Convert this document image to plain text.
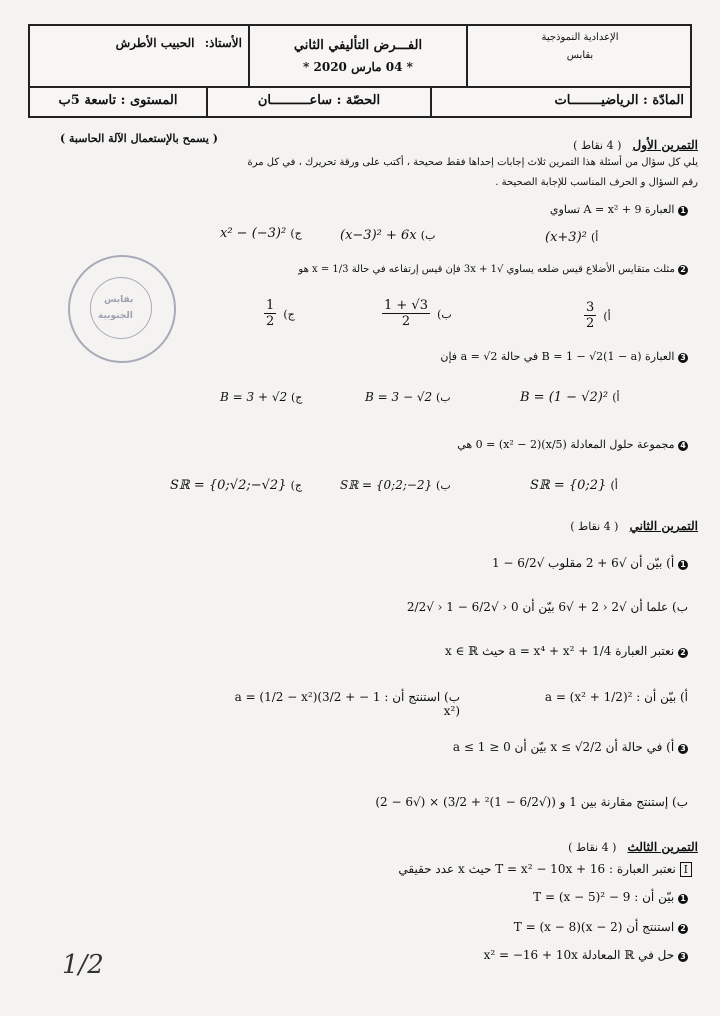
الإعدادية النموذجية
بقابس
الفـــرض التأليفي الثاني
* 04 مارس 2020 *
الأستاذ: الحبيب الأطرش
المادّة : الرياضيــــــــات
الحصّة : ساعــــــــــان
المستوى : تاسعة 5ب
( يسمح بالإستعمال الآلة الحاسبة )	التمرين الأول ( 4 نقاط )
يلي كل سؤال من أسئلة هذا التمرين ثلاث إجابات إحداها فقط صحيحة ، أكتب على ورقة تحريرك ، في كل مرة
رقم السؤال و الحرف المناسب للإجابة الصحيحة .
1 العبارة A = x² + 9 تساوي
(x+3)² (أ
(x−3)² + 6x (ب
x² − (−3)² (ج
2 مثلث متقايس الأضلاع قيس ضلعه يساوي √3x + 1 فإن قيس إرتفاعه في حالة x = 1/3 هو
$\frac{3}{2}$ (أ
$\frac{1 + √3}{2}$ (ب
$\frac{1}{2}$ (ج
3 العبارة B = 1 − √2(1 − a) في حالة a = √2 فإن
B = (1 − √2)² (أ
B = 3 − √2 (ب
B = 3 + √2 (ج
4 مجموعة حلول المعادلة (x/5)(x² − 2) = 0 هي
Sℝ = {0;2} (أ
Sℝ = {0;2;−2} (ب
Sℝ = {0;√2;−√2} (ج
التمرين الثاني ( 4 نقاط )
1 أ) بيّن أن √6 + 2 مقلوب √6/2 − 1
ب) علما أن √2 ‹ 2 + √6 بيّن أن 0 ‹ √6/2 − 1 ‹ √2/2
2 نعتبر العبارة a = x⁴ + x² + 1/4 حيث x ∈ ℝ
أ) بيّن أن : a = (x² + 1/2)²
ب) استنتج أن : 1 − a = (1/2 − x²)(3/2 + x²)
3 أ) في حالة أن x ≤ √2/2 بيّن أن 0 ≤ a ≤ 1
ب) إستنتج مقارنة بين 1 و ((√6/2 − 1)² + 3/2) × (√6 − 2)
التمرين الثالث ( 4 نقاط )
I نعتبر العبارة : T = x² − 10x + 16 حيث x عدد حقيقي
1 بيّن أن : T = (x − 5)² − 9
2 استنتج أن T = (x − 8)(x − 2)
3 حل في ℝ المعادلة x² = −16 + 10x
بقابس
الجنوبية
1/2
